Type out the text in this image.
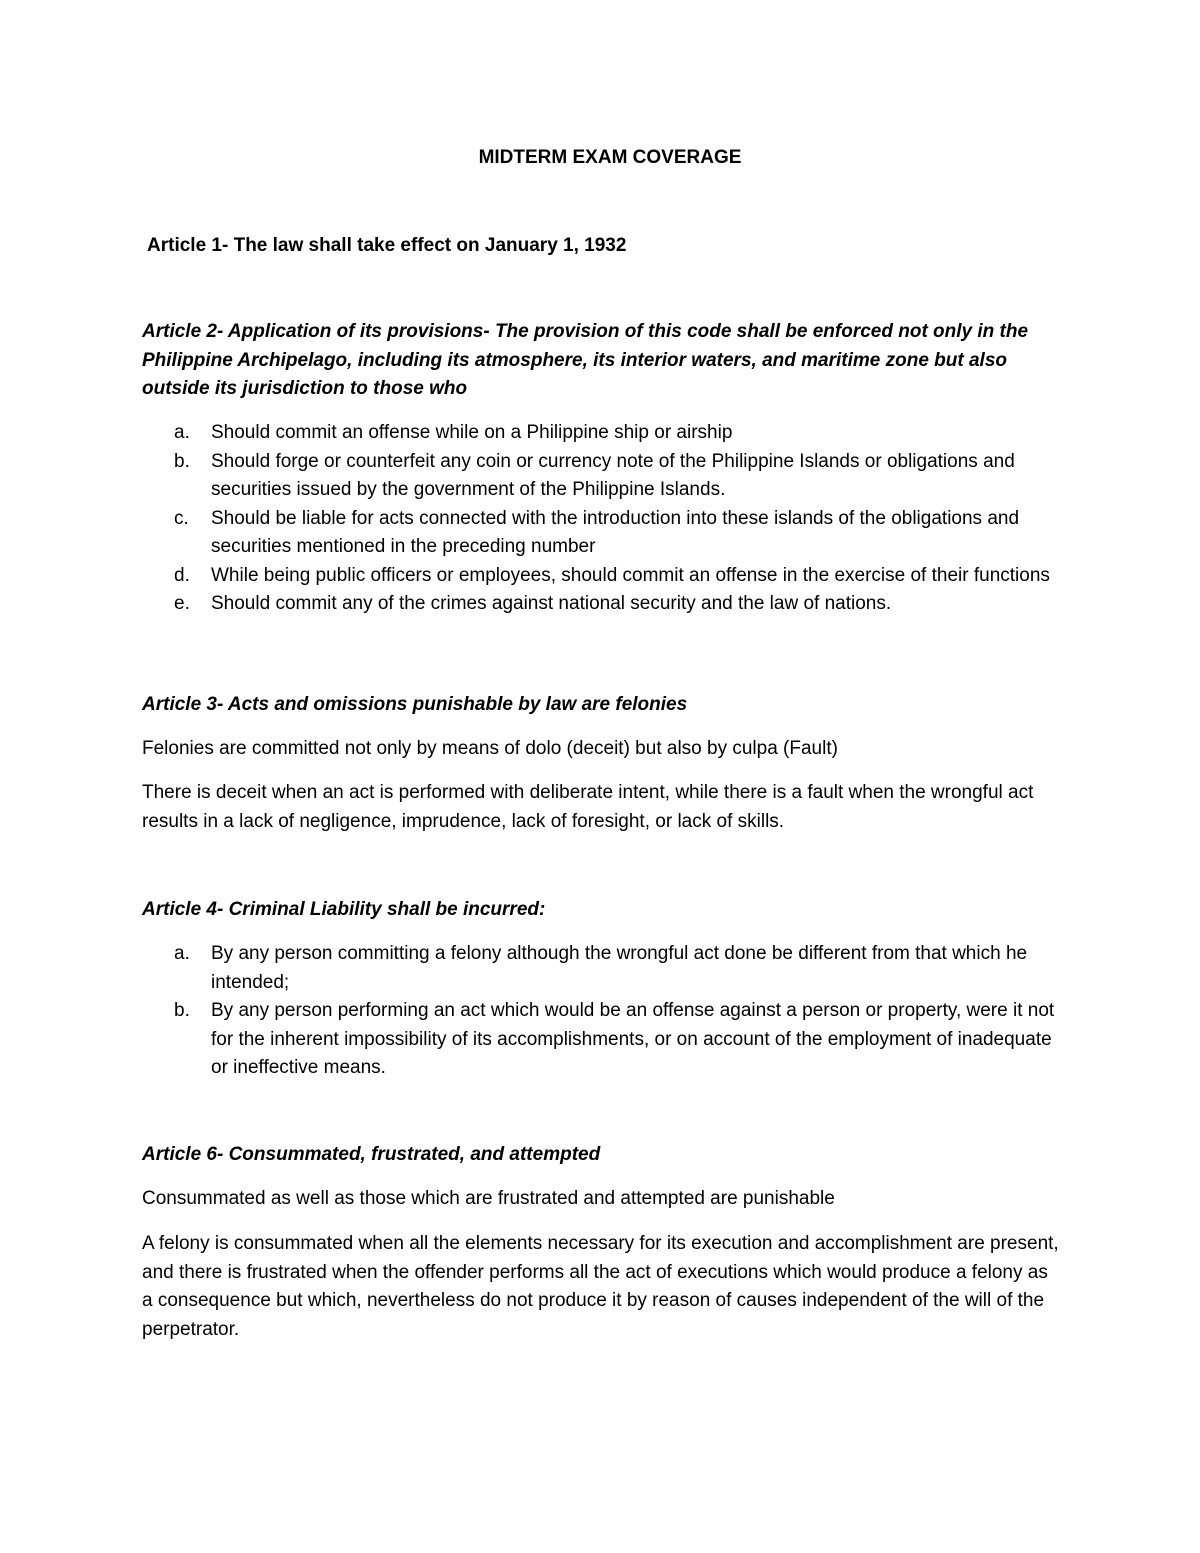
MIDTERM EXAM COVERAGE

Article 1- The law shall take effect on January 1, 1932

Article 2- Application of its provisions- The provision of this code shall be enforced not only in the Philippine Archipelago, including its atmosphere, its interior waters, and maritime zone but also outside its jurisdiction to those who

a. Should commit an offense while on a Philippine ship or airship
b. Should forge or counterfeit any coin or currency note of the Philippine Islands or obligations and securities issued by the government of the Philippine Islands.
c. Should be liable for acts connected with the introduction into these islands of the obligations and securities mentioned in the preceding number
d. While being public officers or employees, should commit an offense in the exercise of their functions
e. Should commit any of the crimes against national security and the law of nations.

Article 3- Acts and omissions punishable by law are felonies

Felonies are committed not only by means of dolo (deceit) but also by culpa (Fault)

There is deceit when an act is performed with deliberate intent, while there is a fault when the wrongful act results in a lack of negligence, imprudence, lack of foresight, or lack of skills.

Article 4- Criminal Liability shall be incurred:

a. By any person committing a felony although the wrongful act done be different from that which he intended;
b. By any person performing an act which would be an offense against a person or property, were it not for the inherent impossibility of its accomplishments, or on account of the employment of inadequate or ineffective means.

Article 6- Consummated, frustrated, and attempted

Consummated as well as those which are frustrated and attempted are punishable

A felony is consummated when all the elements necessary for its execution and accomplishment are present, and there is frustrated when the offender performs all the act of executions which would produce a felony as a consequence but which, nevertheless do not produce it by reason of causes independent of the will of the perpetrator.
